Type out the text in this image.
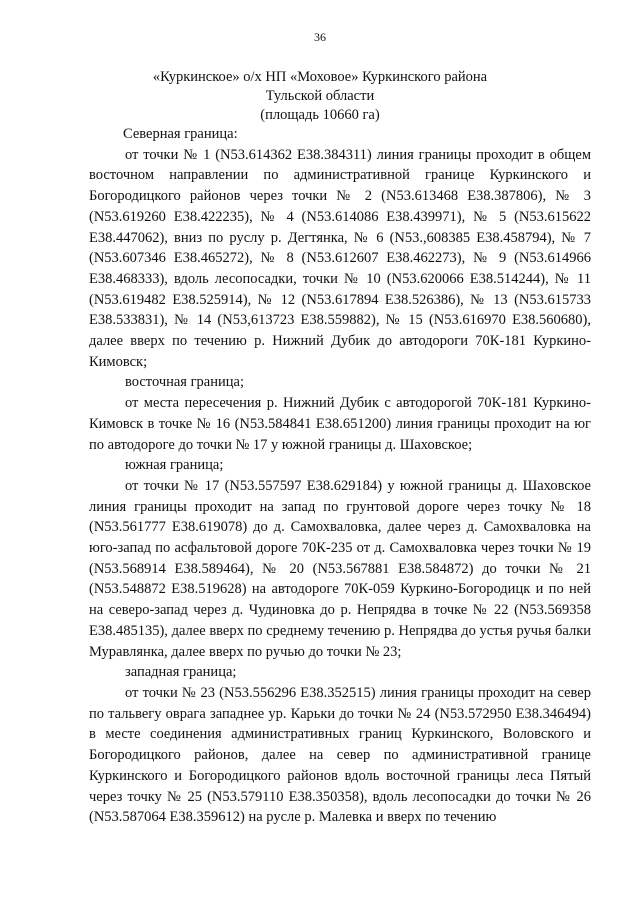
36
«Куркинское» о/х НП «Моховое» Куркинского района
Тульской области
(площадь 10660 га)

Северная граница:

от точки № 1 (N53.614362 E38.384311) линия границы проходит в общем восточном направлении по административной границе Куркинского и Богородицкого районов через точки № 2 (N53.613468 E38.387806), № 3 (N53.619260 E38.422235), № 4 (N53.614086 E38.439971), № 5 (N53.615622 E38.447062), вниз по руслу р. Дегтянка, № 6 (N53.,608385 E38.458794), № 7 (N53.607346 E38.465272), № 8 (N53.612607 E38.462273), № 9 (N53.614966 E38.468333), вдоль лесопосадки, точки № 10 (N53.620066 E38.514244), № 11 (N53.619482 E38.525914), № 12 (N53.617894 E38.526386), № 13 (N53.615733 E38.533831), № 14 (N53,613723 E38.559882), № 15 (N53.616970 E38.560680), далее вверх по течению р. Нижний Дубик до автодороги 70К-181 Куркино-Кимовск;

восточная граница;

от места пересечения р. Нижний Дубик с автодорогой 70К-181 Куркино-Кимовск в точке № 16 (N53.584841 E38.651200) линия границы проходит на юг по автодороге до точки № 17 у южной границы д. Шаховское;

южная граница;

от точки № 17 (N53.557597 E38.629184) у южной границы д. Шаховское линия границы проходит на запад по грунтовой дороге через точку № 18 (N53.561777 E38.619078) до д. Самохваловка, далее через д. Самохваловка на юго-запад по асфальтовой дороге 70К-235 от д. Самохваловка через точки № 19 (N53.568914 E38.589464), № 20 (N53.567881 E38.584872) до точки № 21 (N53.548872 E38.519628) на автодороге 70К-059 Куркино-Богородицк и по ней на северо-запад через д. Чудиновка до р. Непрядва в точке № 22 (N53.569358 E38.485135), далее вверх по среднему течению р. Непрядва до устья ручья балки Муравлянка, далее вверх по ручью до точки № 23;

западная граница;

от точки № 23 (N53.556296 E38.352515) линия границы проходит на север по тальвегу оврага западнее ур. Карьки до точки № 24 (N53.572950 E38.346494) в месте соединения административных границ Куркинского, Воловского и Богородицкого районов, далее на север по административной границе Куркинского и Богородицкого районов вдоль восточной границы леса Пятый через точку № 25 (N53.579110 E38.350358), вдоль лесопосадки до точки № 26 (N53.587064 E38.359612) на русле р. Малевка и вверх по течению
